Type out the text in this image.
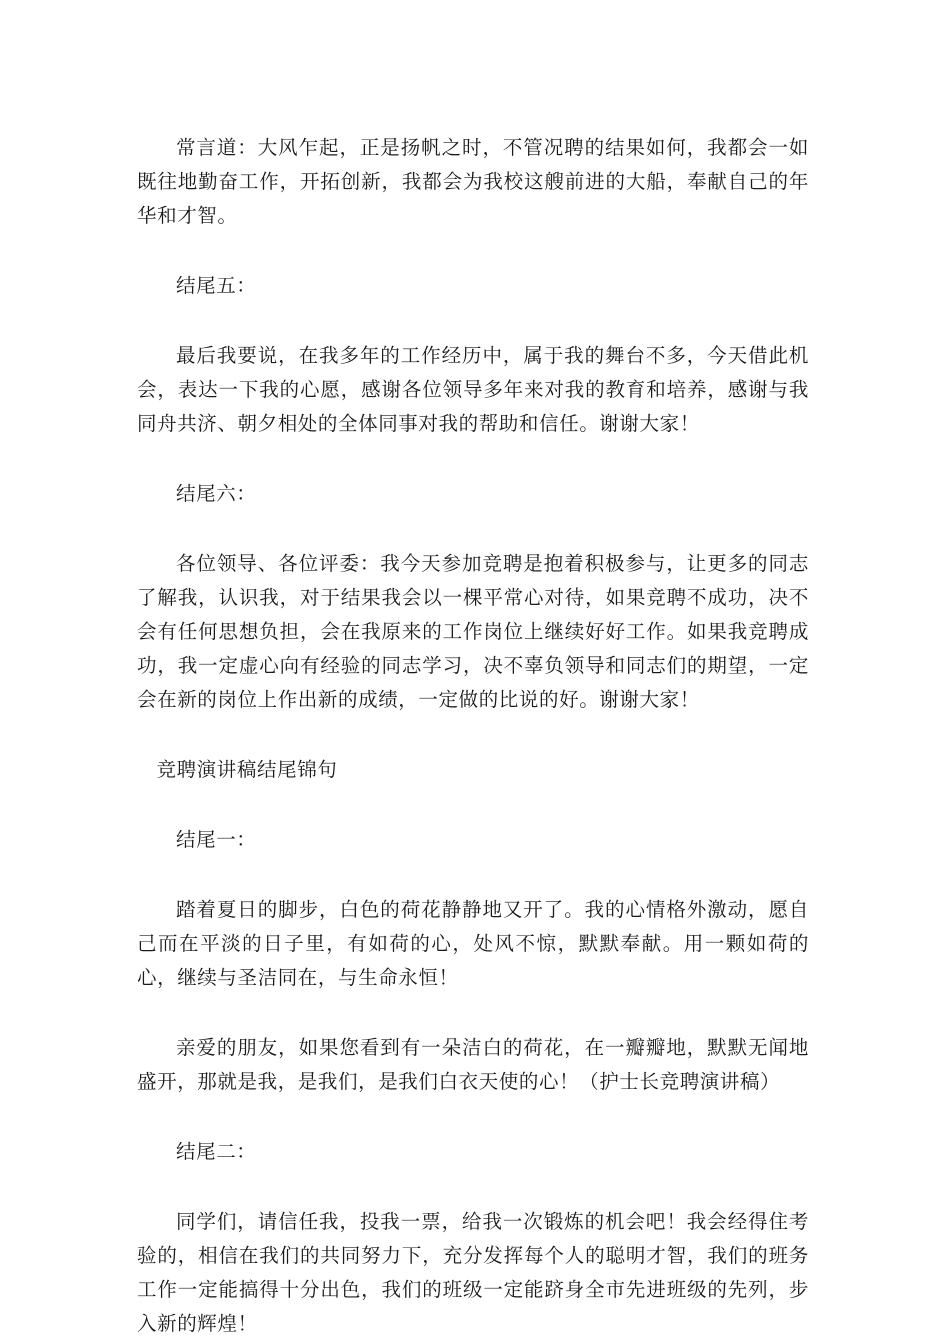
常言道：大风乍起，正是扬帆之时，不管况聘的结果如何，我都会一如既往地勤奋工作，开拓创新，我都会为我校这艘前进的大船，奉献自己的年华和才智。

结尾五：

最后我要说，在我多年的工作经历中，属于我的舞台不多，今天借此机会，表达一下我的心愿，感谢各位领导多年来对我的教育和培养，感谢与我同舟共济、朝夕相处的全体同事对我的帮助和信任。谢谢大家！

结尾六：

各位领导、各位评委：我今天参加竞聘是抱着积极参与，让更多的同志了解我，认识我，对于结果我会以一棵平常心对待，如果竞聘不成功，决不会有任何思想负担，会在我原来的工作岗位上继续好好工作。如果我竞聘成功，我一定虚心向有经验的同志学习，决不辜负领导和同志们的期望，一定会在新的岗位上作出新的成绩，一定做的比说的好。谢谢大家！

竞聘演讲稿结尾锦句

结尾一：

踏着夏日的脚步，白色的荷花静静地又开了。我的心情格外激动，愿自己而在平淡的日子里，有如荷的心，处风不惊，默默奉献。用一颗如荷的心，继续与圣洁同在，与生命永恒！

亲爱的朋友，如果您看到有一朵洁白的荷花，在一瓣瓣地，默默无闻地盛开，那就是我，是我们，是我们白衣天使的心！（护士长竞聘演讲稿）

结尾二：

同学们，请信任我，投我一票，给我一次锻炼的机会吧！我会经得住考验的，相信在我们的共同努力下，充分发挥每个人的聪明才智，我们的班务工作一定能搞得十分出色，我们的班级一定能跻身全市先进班级的先列，步入新的辉煌！
